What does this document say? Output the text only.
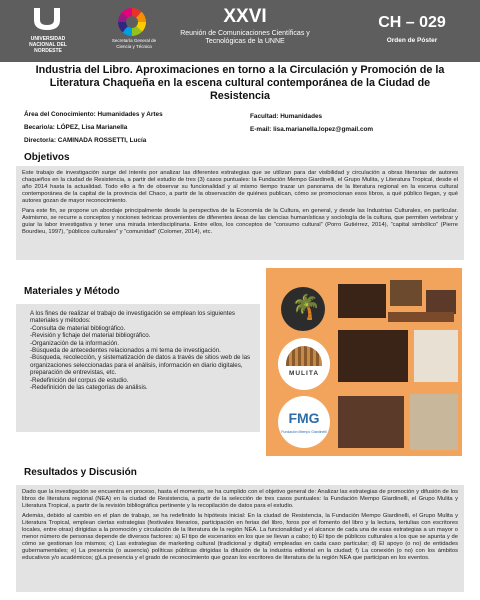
UNIVERSIDAD NACIONAL DEL NORDESTE
Secretaría General de Ciencia y Técnica
XXVI
Reunión de Comunicaciones Científicas y Tecnológicas de la UNNE
CH – 029
Orden de Póster
Industria del Libro. Aproximaciones en torno a la Circulación y Promoción de la Literatura Chaqueña en la escena cultural contemporánea de la Ciudad de Resistencia
Área del Conocimiento: Humanidades y Artes	Facultad: Humanidades
Becario/a: LÓPEZ, Lisa Marianella	E-mail: lisa.marianella.lopez@gmail.com
Director/a: CAMINADA ROSSETTI, Lucía
Objetivos

Este trabajo de investigación surge del interés por analizar las diferentes estrategias que se utilizan para dar visibilidad y circulación a obras literarias de autores chaqueños en la ciudad de Resistencia, a partir del estudio de tres (3) casos puntuales: la Fundación Mempo Giardinelli, el Grupo Mulita, y Literatura Tropical, desde el año 2014 hasta la actualidad. Todo ello a fin de observar su funcionalidad y al mismo tiempo trazar un panorama de la literatura regional en la escena cultural contemporánea de la capital de la provincia del Chaco, a partir de la observación de quiénes publican, cómo se promocionan esos libros, a qué público llegan, y qué autores gozan de mayor reconocimiento.

Para este fin, se propone un abordaje principalmente desde la perspectiva de la Economía de la Cultura, en general, y desde las Industrias Culturales, en particular. Asimismo, se recurre a conceptos y nociones teóricas provenientes de diferentes áreas de las ciencias humanísticas y sociología de la cultura, que permiten vertebrar y guiar la labor investigativa y tener una mirada interdisciplinaria. Entre ellos, los conceptos de “consumo cultural” (Porro Gutiérrez, 2014), “capital simbólico” (Pierre Bourdieu, 1997), “públicos culturales” y “comunidad” (Colomer, 2014), etc.

Materiales y Método
A los fines de realizar el trabajo de investigación se emplean los siguientes materiales y métodos:
-Consulta de material bibliográfico.
-Revisión y fichaje del material bibliográfico.
-Organización de la información.
-Búsqueda de antecedentes relacionados a mi tema de investigación.
-Búsqueda, recolección, y sistematización de datos a través de sitios web de las organizaciones seleccionadas para el análisis, información en diario digitales, preparación de entrevistas, etc.
-Redefinición del corpus de estudio.
-Redefinición de las categorías de análisis.
🌴
MULITA
FMG
Fundación Mempo Giardinelli
Resultados y Discusión

Dado que la investigación se encuentra en proceso, hasta el momento, se ha cumplido con el objetivo general de: Analizar las estrategias de promoción y difusión de los libros de literatura regional (NEA) en la ciudad de Resistencia, a partir de la selección de tres casos puntuales: la Fundación Mempo Giardinelli, el Grupo Mulita y Literatura Tropical, a partir de la revisión bibliográfica pertinente y la recopilación de datos para el estudio.

Además, debido al cambio en el plan de trabajo, se ha redefinido la hipótesis inicial: En la ciudad de Resistencia, la Fundación Mempo Giardinelli, el Grupo Mulita y Literatura Tropical, emplean ciertas estrategias (festivales literarios, participación en ferias del libro, foros por el fomento del libro y la lectura, tertulias con escritores locales, entre otras) dirigidas a la promoción y circulación de la literatura de la región NEA. La funcionalidad y el alcance de cada una de esas estrategias a un mayor o menor número de personas depende de diversos factores: a) El tipo de escenarios en los que se llevan a cabo; b) El tipo de públicos culturales a los que se apunta y de cómo se gestionan los mismos; c) Las estrategias de marketing cultural (tradicional y digital) empleadas en cada caso particular; d) El apoyo (o no) de entidades gubernamentales; e) La presencia (o ausencia) políticas públicas dirigidas la difusión de la industria editorial en la ciudad; f) La conexión (o no) con los ámbitos educativos y/o académicos; g)La presencia y el grado de reconocimiento que gozan los escritores de literatura de la región NEA que participan en los eventos.
